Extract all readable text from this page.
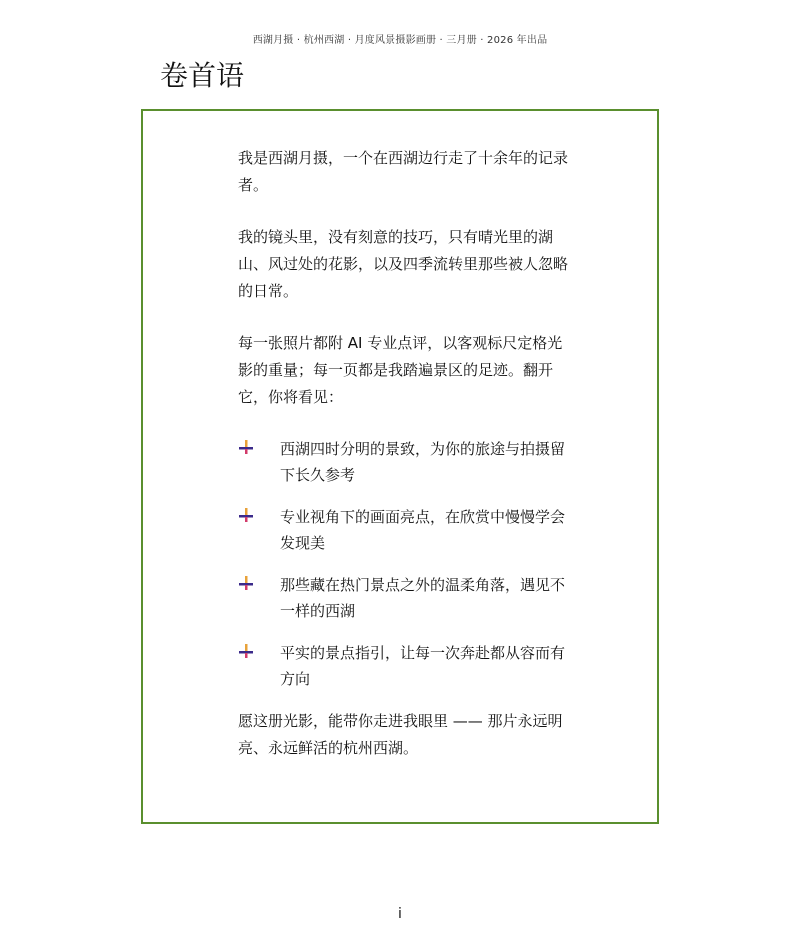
西湖月摄 · 杭州西湖 · 月度风景摄影画册 · 三月册 · 2026 年出品
卷首语

我是西湖月摄，一个在西湖边行走了十余年的记录者。

我的镜头里，没有刻意的技巧，只有晴光里的湖山、风过处的花影，以及四季流转里那些被人忽略的日常。

每一张照片都附 AI 专业点评，以客观标尺定格光影的重量；每一页都是我踏遍景区的足迹。翻开它，你将看见：

西湖四时分明的景致，为你的旅途与拍摄留下长久参考
专业视角下的画面亮点，在欣赏中慢慢学会发现美
那些藏在热门景点之外的温柔角落，遇见不一样的西湖
平实的景点指引，让每一次奔赴都从容而有方向

愿这册光影，能带你走进我眼里 —— 那片永远明亮、永远鲜活的杭州西湖。

i
